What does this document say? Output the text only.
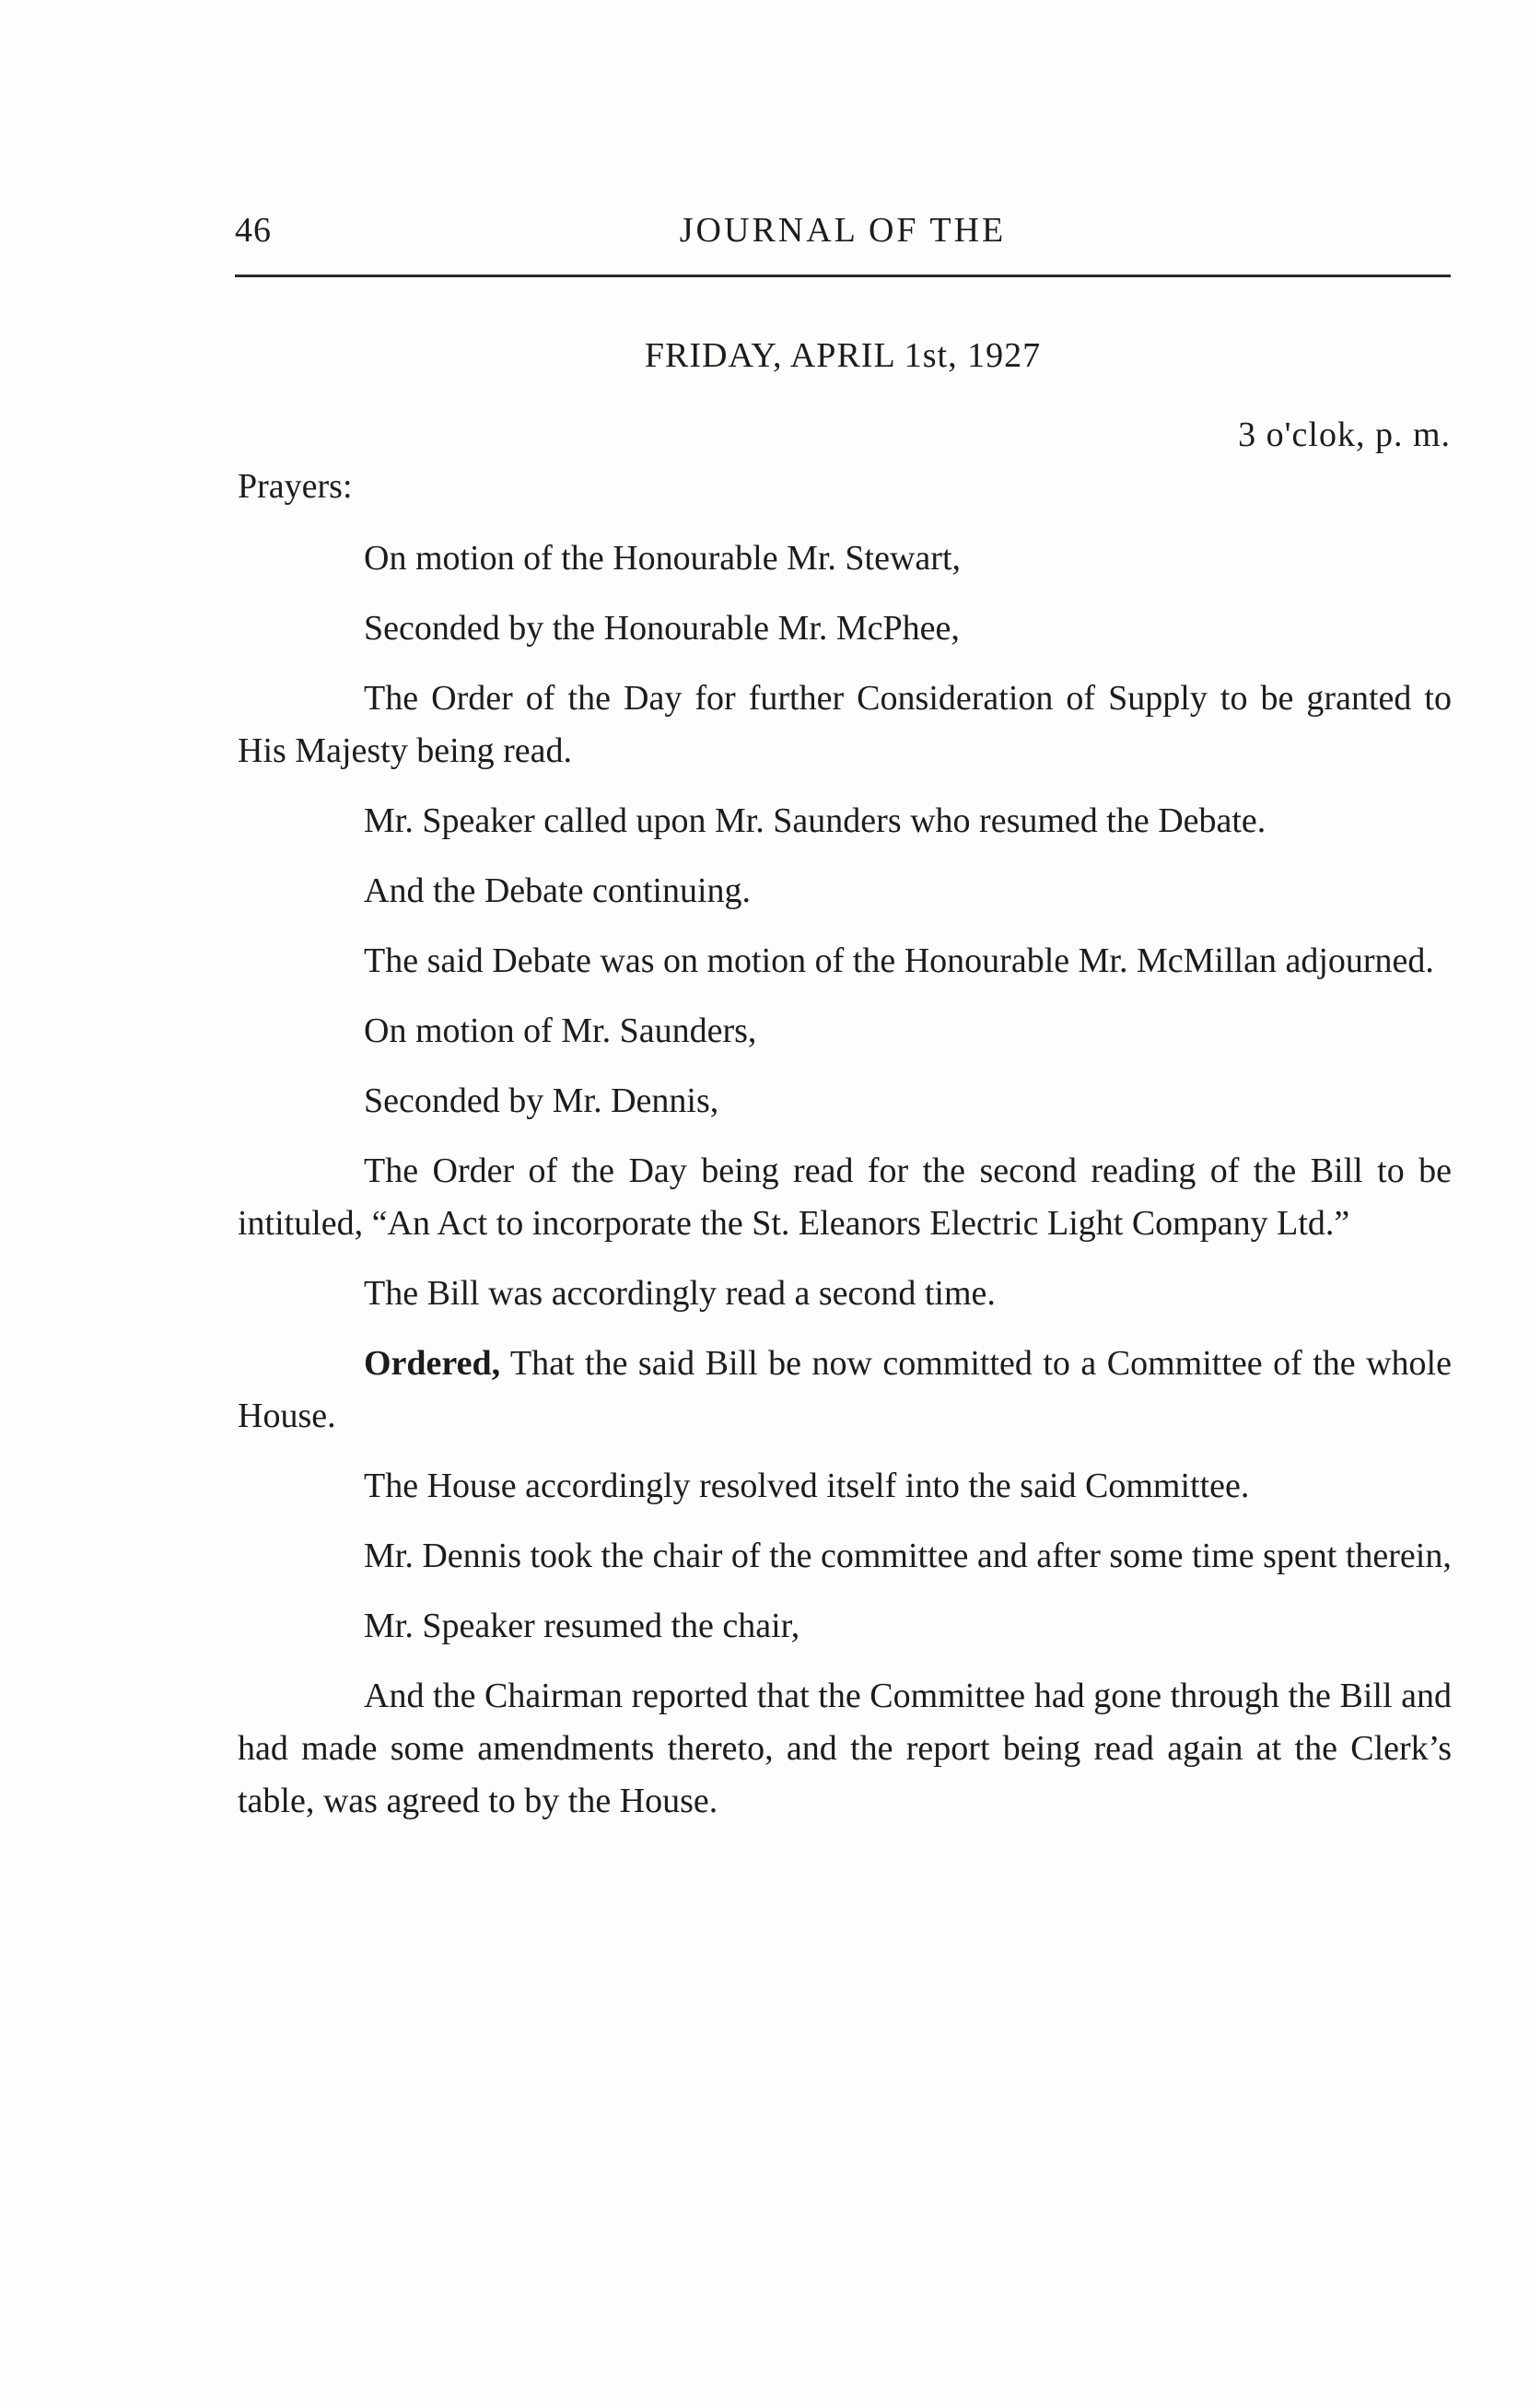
46	JOURNAL OF THE
FRIDAY, APRIL 1st, 1927
3 o'clok, p. m.

Prayers:

On motion of the Honourable Mr. Stewart,

Seconded by the Honourable Mr. McPhee,

The Order of the Day for further Consideration of Supply to be granted to His Majesty being read.

Mr. Speaker called upon Mr. Saunders who resumed the Debate.

And the Debate continuing.

The said Debate was on motion of the Honourable Mr. McMillan adjourned.

On motion of Mr. Saunders,

Seconded by Mr. Dennis,

The Order of the Day being read for the second reading of the Bill to be intituled, “An Act to incorporate the St. Eleanors Electric Light Company Ltd.”

The Bill was accordingly read a second time.

Ordered, That the said Bill be now committed to a Committee of the whole House.

The House accordingly resolved itself into the said Committee.

Mr. Dennis took the chair of the committee and after some time spent therein,

Mr. Speaker resumed the chair,

And the Chairman reported that the Committee had gone through the Bill and had made some amendments thereto, and the report being read again at the Clerk’s table, was agreed to by the House.
